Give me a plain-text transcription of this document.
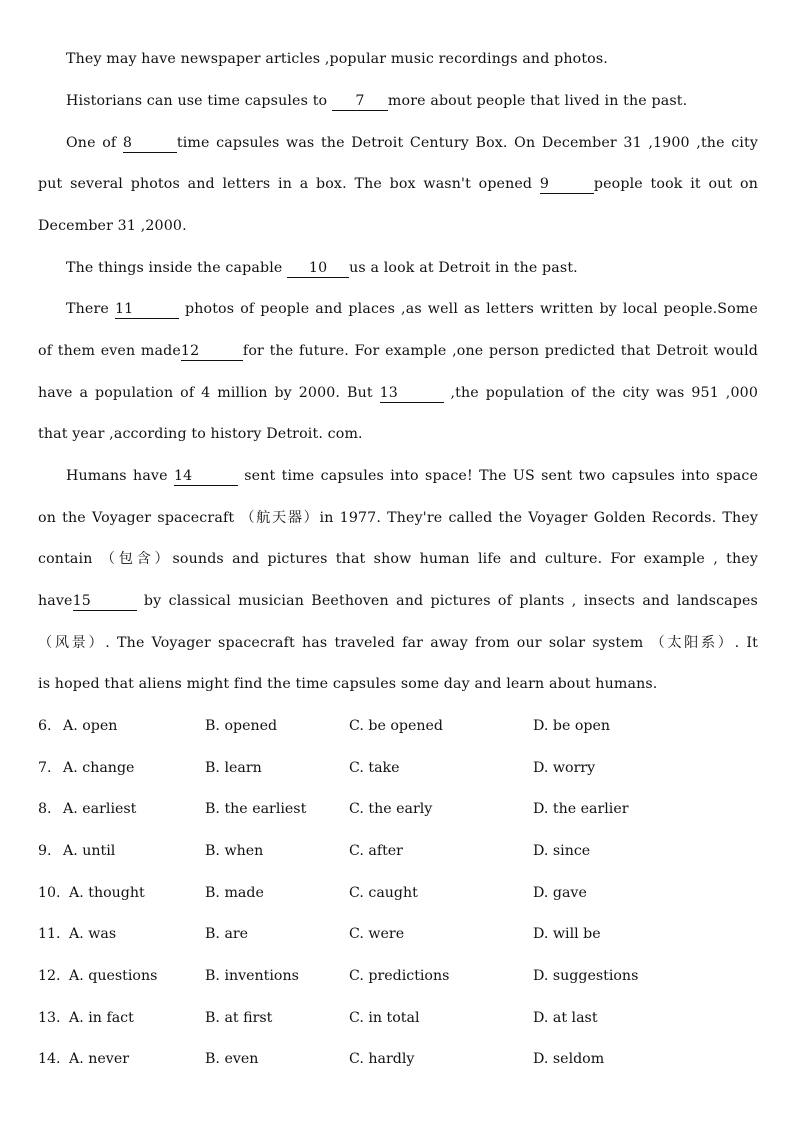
They may have newspaper articles ,popular music recordings and photos.
Historians can use time capsules to 7 more about people that lived in the past.
One of 8	time capsules was the Detroit Century Box. On December 31 ,1900 ,the city
put several photos and letters in a box. The box wasn't opened 9	people took it out on
December 31 ,2000.
The things inside the capable 10 us a look at Detroit in the past.
There 11	photos of people and places ,as well as letters written by local people.Some
of them even made12	for the future. For example ,one person predicted that Detroit would
have a population of 4 million by 2000. But 13	,the population of the city was 951 ,000
that year ,according to history Detroit. com.
Humans have 14	sent time capsules into space! The US sent two capsules into space
on the Voyager spacecraft （航天器）in 1977. They're called the Voyager Golden Records. They
contain （包含）sounds and pictures that show human life and culture. For example , they
have15	by classical musician Beethoven and pictures of plants , insects and landscapes
（风景）. The Voyager spacecraft has traveled far away from our solar system （太阳系）. It
is hoped that aliens might find the time capsules some day and learn about humans.
6. A. open	B. opened	C. be opened	D. be open
7. A. change	B. learn	C. take	D. worry
8. A. earliest	B. the earliest	C. the early	D. the earlier
9. A. until	B. when	C. after	D. since
10. A. thought	B. made	C. caught	D. gave
11. A. was	B. are	C. were	D. will be
12. A. questions	B. inventions	C. predictions	D. suggestions
13. A. in fact	B. at first	C. in total	D. at last
14. A. never	B. even	C. hardly	D. seldom
